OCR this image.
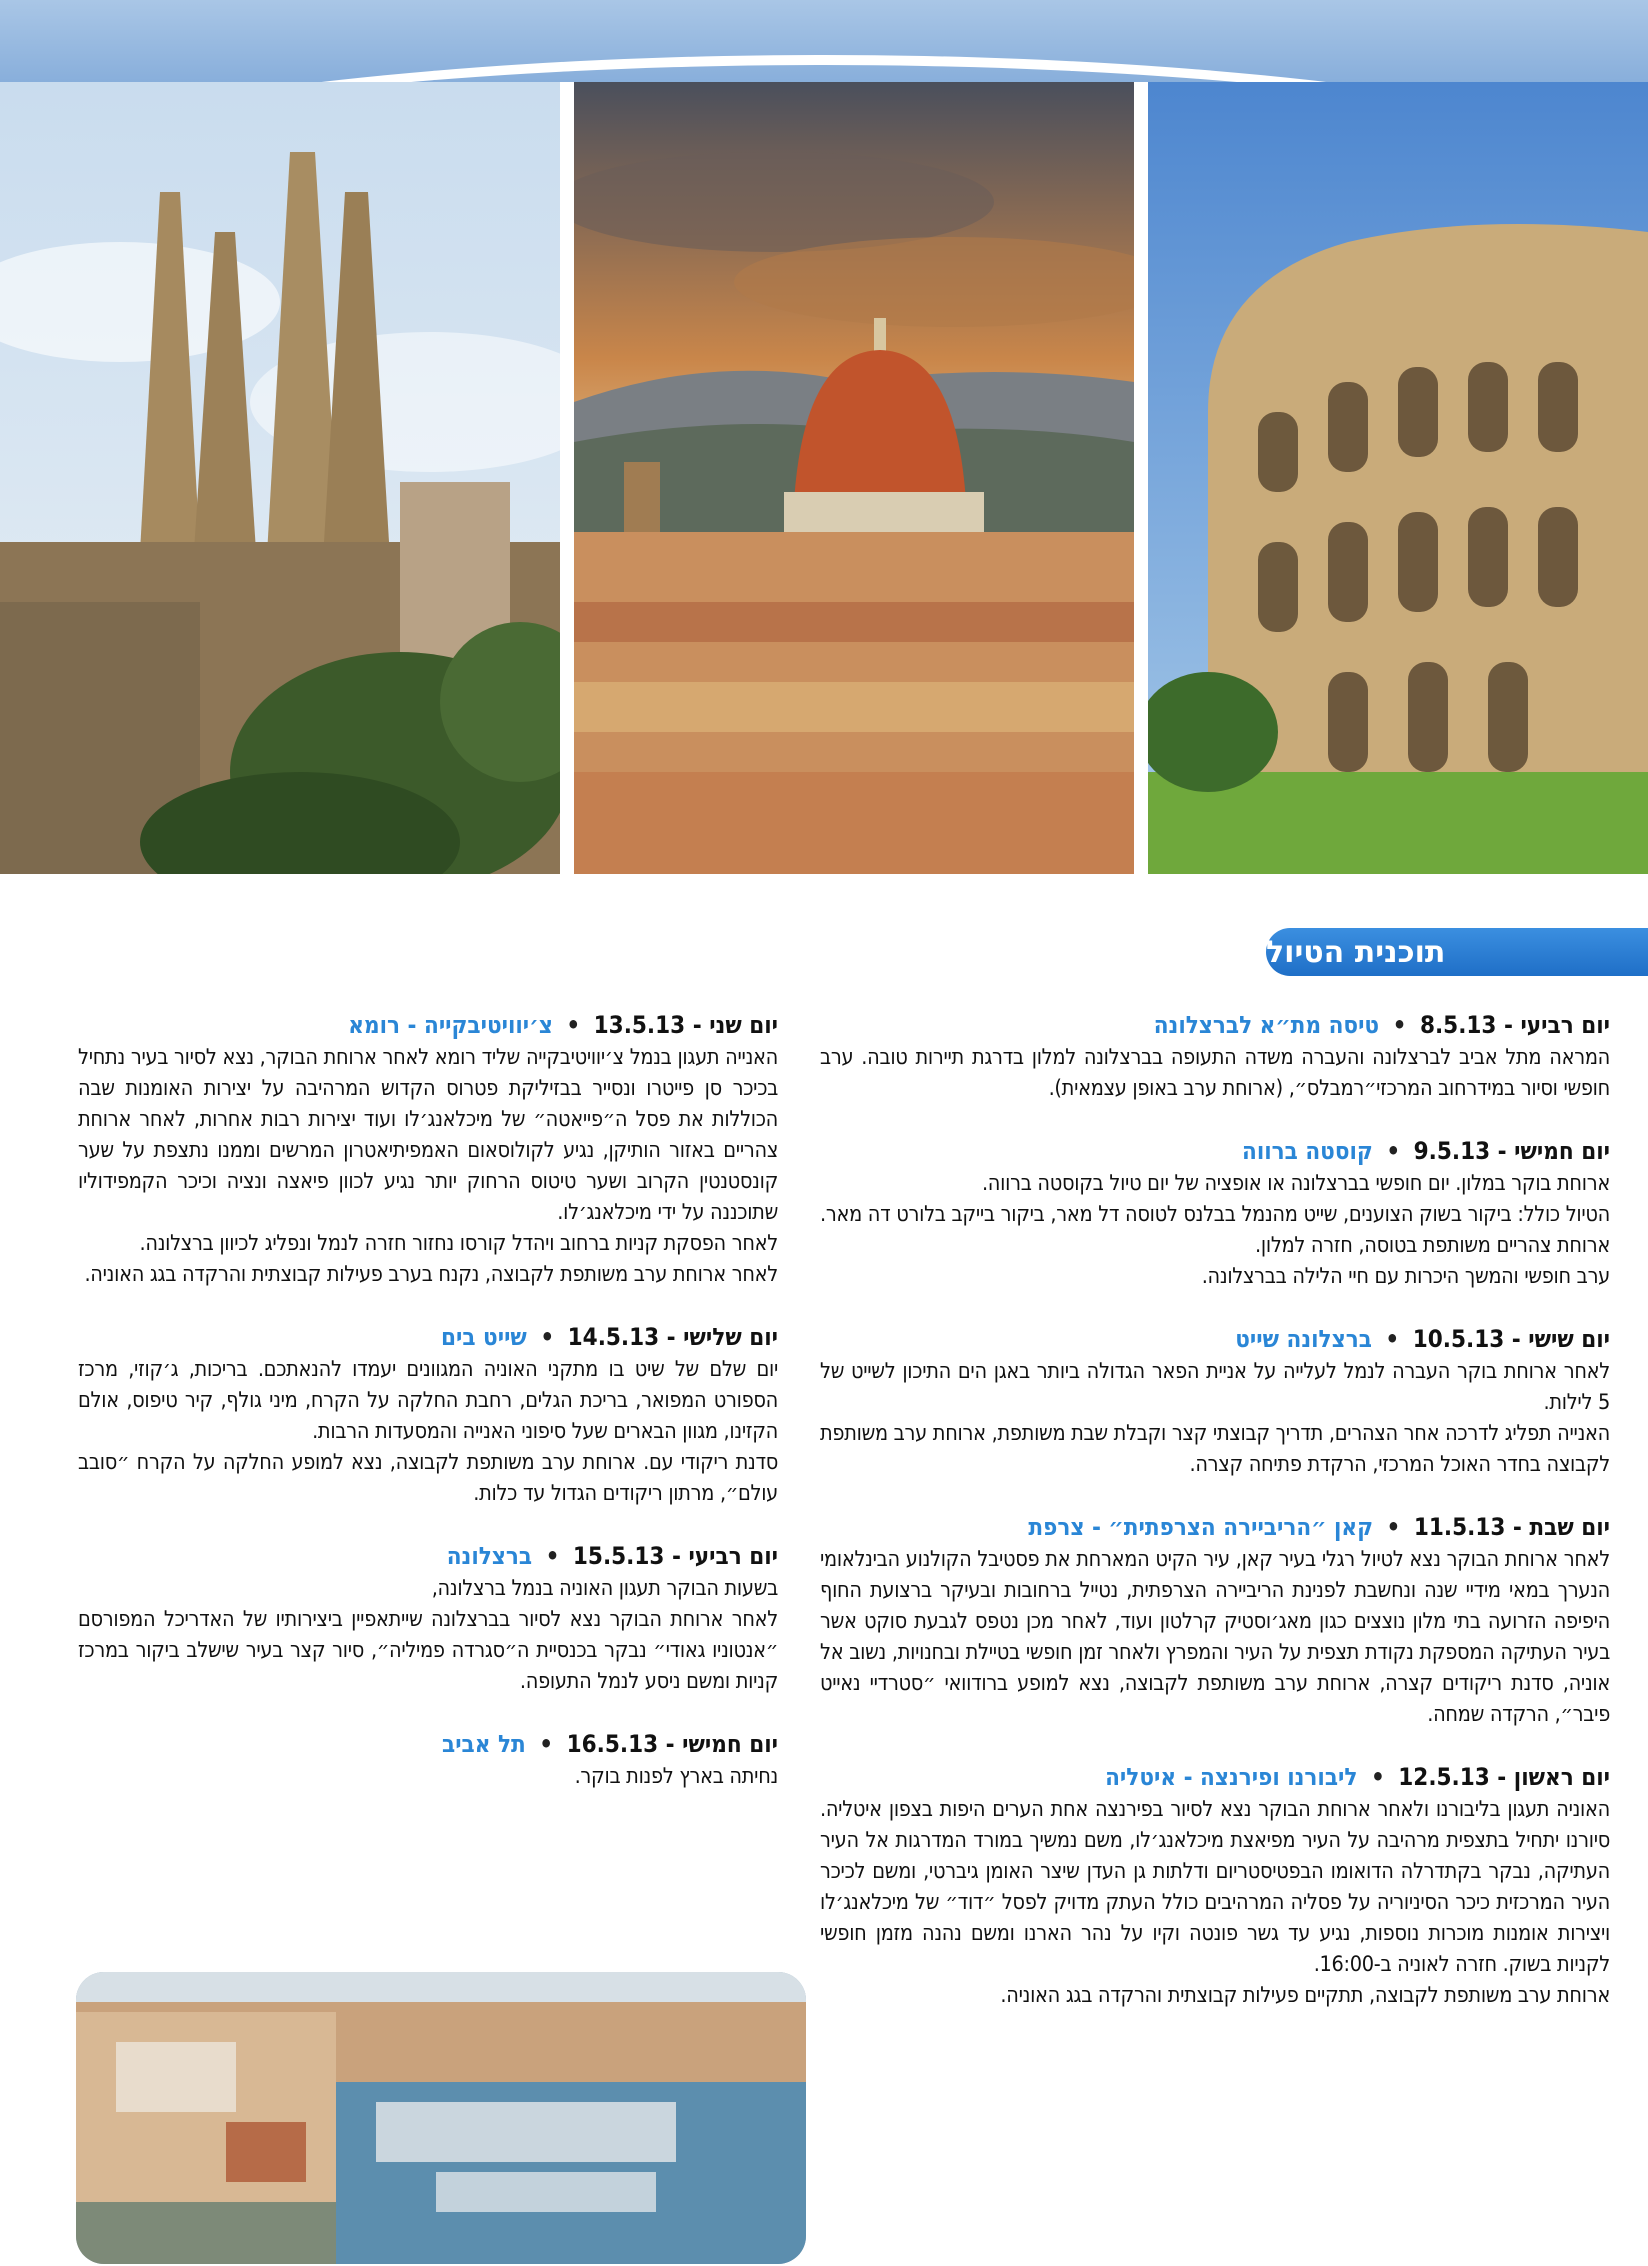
תוכנית הטיול
יום רביעי - 8.5.13 • טיסה מת״א לברצלונה

המראה מתל אביב לברצלונה והעברה משדה התעופה בברצלונה למלון בדרגת תיירות טובה. ערב חופשי וסיור במידרחוב המרכזי״רמבלס״, (ארוחת ערב באופן עצמאית).

יום חמישי - 9.5.13 • קוסטה ברווה

ארוחת בוקר במלון. יום חופשי בברצלונה או אופציה של יום טיול בקוסטה ברווה.

הטיול כולל: ביקור בשוק הצוענים, שייט מהנמל בבלנס לטוסה דל מאר, ביקור בייקב בלורט דה מאר. ארוחת צהריים משותפת בטוסה, חזרה למלון.

ערב חופשי והמשך היכרות עם חיי הלילה בברצלונה.

יום שישי - 10.5.13 • ברצלונה שייט

לאחר ארוחת בוקר העברה לנמל לעלייה על אניית הפאר הגדולה ביותר באגן הים התיכון לשייט של 5 לילות.

האנייה תפליג לדרכה אחר הצהרים, תדריך קבוצתי קצר וקבלת שבת משותפת, ארוחת ערב משותפת לקבוצה בחדר האוכל המרכזי, הרקדת פתיחה קצרה.

יום שבת - 11.5.13 • קאן ״הריביירה הצרפתית״ - צרפת

לאחר ארוחת הבוקר נצא לטיול רגלי בעיר קאן, עיר הקיט המארחת את פסטיבל הקולנוע הבינלאומי הנערך במאי מידיי שנה ונחשבת לפנינת הריביירה הצרפתית, נטייל ברחובות ובעיקר ברצועת החוף היפיפה הזרועה בתי מלון נוצצים כגון מאג׳וסטיק קרלטון ועוד, לאחר מכן נטפס לגבעת סוקט אשר בעיר העתיקה המספקת נקודת תצפית על העיר והמפרץ ולאחר זמן חופשי בטיילת ובחנויות, נשוב אל אוניה, סדנת ריקודים קצרה, ארוחת ערב משותפת לקבוצה, נצא למופע ברודוואי ״סטרדיי נאייט פיבר״, הרקדה שמחה.

יום ראשון - 12.5.13 • ליבורנו ופירנצה - איטליה

האוניה תעגון בליבורנו ולאחר ארוחת הבוקר נצא לסיור בפירנצה אחת הערים היפות בצפון איטליה. סיורנו יתחיל בתצפית מרהיבה על העיר מפיאצת מיכלאנג׳לו, משם נמשיך במורד המדרגות אל העיר העתיקה, נבקר בקתדרלה הדואומו הבפטיסטריום ודלתות גן העדן שיצר האומן גיברטי, ומשם לכיכר העיר המרכזית כיכר הסיניוריה על פסליה המרהיבים כולל העתק מדויק לפסל ״דוד״ של מיכלאנג׳לו ויצירות אומנות מוכרות נוספות, נגיע עד גשר פונטה וקיו על נהר הארנו ומשם נהנה מזמן חופשי לקניות בשוק. חזרה לאוניה ב-16:00.

ארוחת ערב משותפת לקבוצה, תתקיים פעילות קבוצתית והרקדה בגג האוניה.

יום שני - 13.5.13 • צ׳יוויטיבקייה - רומא

האנייה תעגון בנמל צ׳יוויטיבקייה שליד רומא לאחר ארוחת הבוקר, נצא לסיור בעיר נתחיל בכיכר סן פייטרו ונסייר בבזיליקת פטרוס הקדוש המרהיבה על יצירות האומנות שבה הכוללות את פסל ה״פייאטה״ של מיכלאנג׳לו ועוד יצירות רבות אחרות, לאחר ארוחת צהריים באזור הותיקן, נגיע לקולוסאום האמפיתיאטרון המרשים וממנו נתצפת על שער קונסטנטין הקרוב ושער טיטוס הרחוק יותר נגיע לכוון פיאצה ונציה וכיכר הקמפידוליו שתוכננה על ידי מיכלאנג׳לו.

לאחר הפסקת קניות ברחוב ויהדל קורסו נחזור חזרה לנמל ונפליג לכיוון ברצלונה.

לאחר ארוחת ערב משותפת לקבוצה, נקנח בערב פעילות קבוצתית והרקדה בגג האוניה.

יום שלישי - 14.5.13 • שייט בים

יום שלם של שיט בו מתקני האוניה המגוונים יעמדו להנאתכם. בריכות, ג׳קוזי, מרכז הספורט המפואר, בריכת הגלים, רחבת החלקה על הקרח, מיני גולף, קיר טיפוס, אולם הקזינו, מגוון הבארים שעל סיפוני האנייה והמסעדות הרבות.

סדנת ריקודי עם. ארוחת ערב משותפת לקבוצה, נצא למופע החלקה על הקרח ״סובב עולם״, מרתון ריקודים הגדול עד כלות.

יום רביעי - 15.5.13 • ברצלונה

בשעות הבוקר תעגון האוניה בנמל ברצלונה,

לאחר ארוחת הבוקר נצא לסיור בברצלונה שייתאפיין ביצירותיו של האדריכל המפורסם ״אנטוניו גאודי״ נבקר בכנסיית ה״סגרדה פמיליה״, סיור קצר בעיר שישלב ביקור במרכז קניות ומשם ניסע לנמל התעופה.

יום חמישי - 16.5.13 • תל אביב

נחיתה בארץ לפנות בוקר.
